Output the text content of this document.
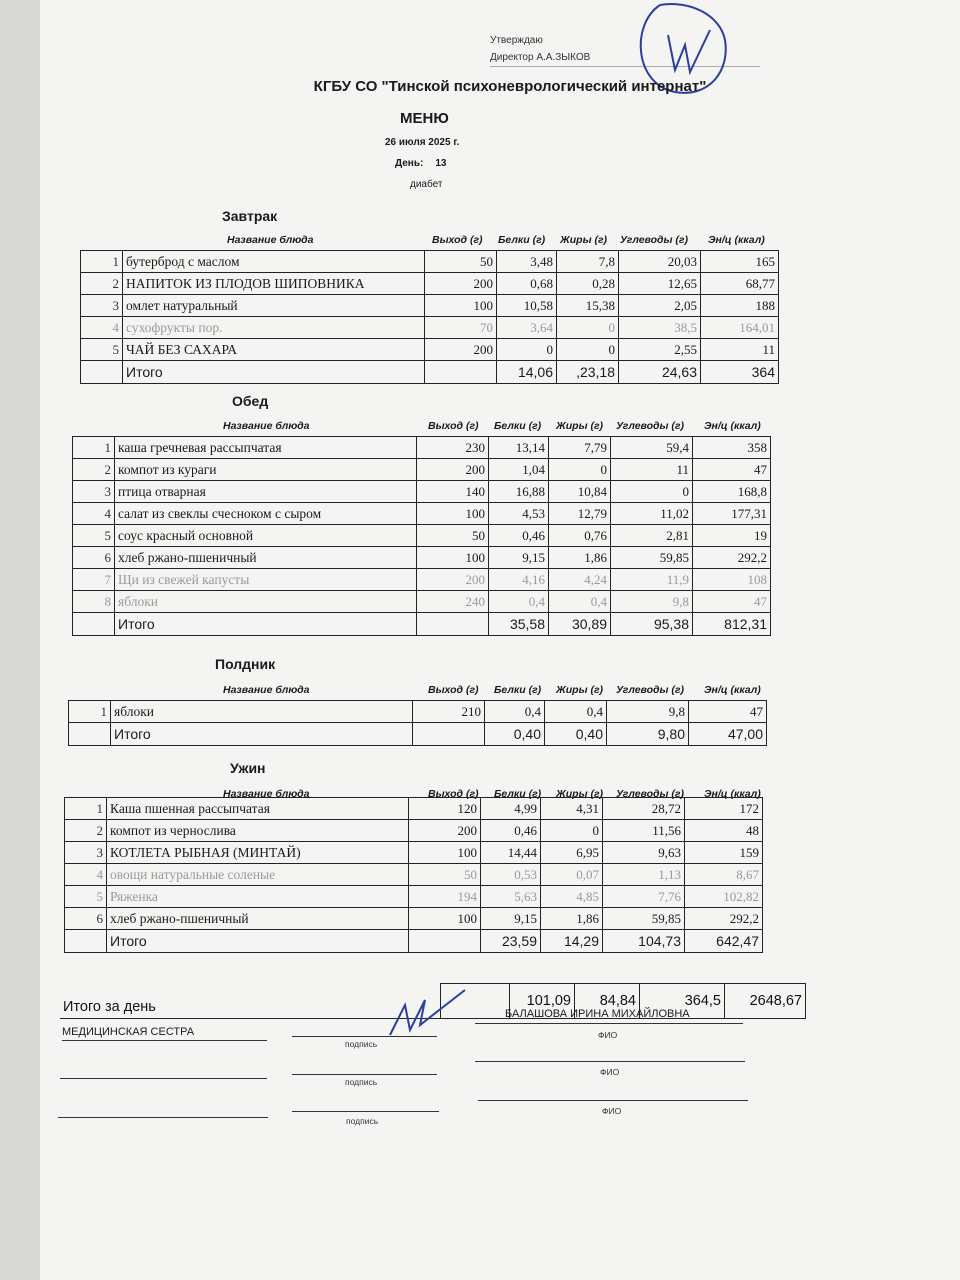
Утверждаю
Директор А.А.ЗЫКОВ
КГБУ СО "Тинской психоневрологический интернат"
МЕНЮ
26 июля 2025 г.
День: 13
диабет
Завтрак
Название блюда	Выход (г) Белки (г) Жиры (г) Углеводы (г) Эн/ц (ккал)
1	бутерброд с маслом	50	3,48	7,8	20,03	165
2	НАПИТОК ИЗ ПЛОДОВ ШИПОВНИКА	200	0,68	0,28	12,65	68,77
3	омлет натуральный	100	10,58	15,38	2,05	188
4	сухофрукты пор.	70	3,64	0	38,5	164,01
5	ЧАЙ БЕЗ САХАРА	200	0	0	2,55	11
	Итого		14,06	,23,18	24,63	364
Обед
Название блюда	Выход (г) Белки (г) Жиры (г) Углеводы (г) Эн/ц (ккал)
1	каша гречневая рассыпчатая	230	13,14	7,79	59,4	358
2	компот из кураги	200	1,04	0	11	47
3	птица отварная	140	16,88	10,84	0	168,8
4	салат из свеклы счесноком с сыром	100	4,53	12,79	11,02	177,31
5	соус красный основной	50	0,46	0,76	2,81	19
6	хлеб ржано-пшеничный	100	9,15	1,86	59,85	292,2
7	Щи из свежей капусты	200	4,16	4,24	11,9	108
8	яблоки	240	0,4	0,4	9,8	47
	Итого		35,58	30,89	95,38	812,31
Полдник
Название блюда	Выход (г) Белки (г) Жиры (г) Углеводы (г) Эн/ц (ккал)
1	яблоки	210	0,4	0,4	9,8	47
	Итого		0,40	0,40	9,80	47,00
Ужин
Название блюда	Выход (г) Белки (г) Жиры (г) Углеводы (г) Эн/ц (ккал)
1	Каша пшенная рассыпчатая	120	4,99	4,31	28,72	172
2	компот из чернослива	200	0,46	0	11,56	48
3	КОТЛЕТА РЫБНАЯ (МИНТАЙ)	100	14,44	6,95	9,63	159
4	овощи натуральные соленые	50	0,53	0,07	1,13	8,67
5	Ряженка	194	5,63	4,85	7,76	102,82
6	хлеб ржано-пшеничный	100	9,15	1,86	59,85	292,2
	Итого		23,59	14,29	104,73	642,47
Итого за день		101,09	84,84	364,5	2648,67
МЕДИЦИНСКАЯ СЕСТРА
подпись
БАЛАШОВА ИРИНА МИХАЙЛОВНА
ФИО
подпись
ФИО
подпись
ФИО
